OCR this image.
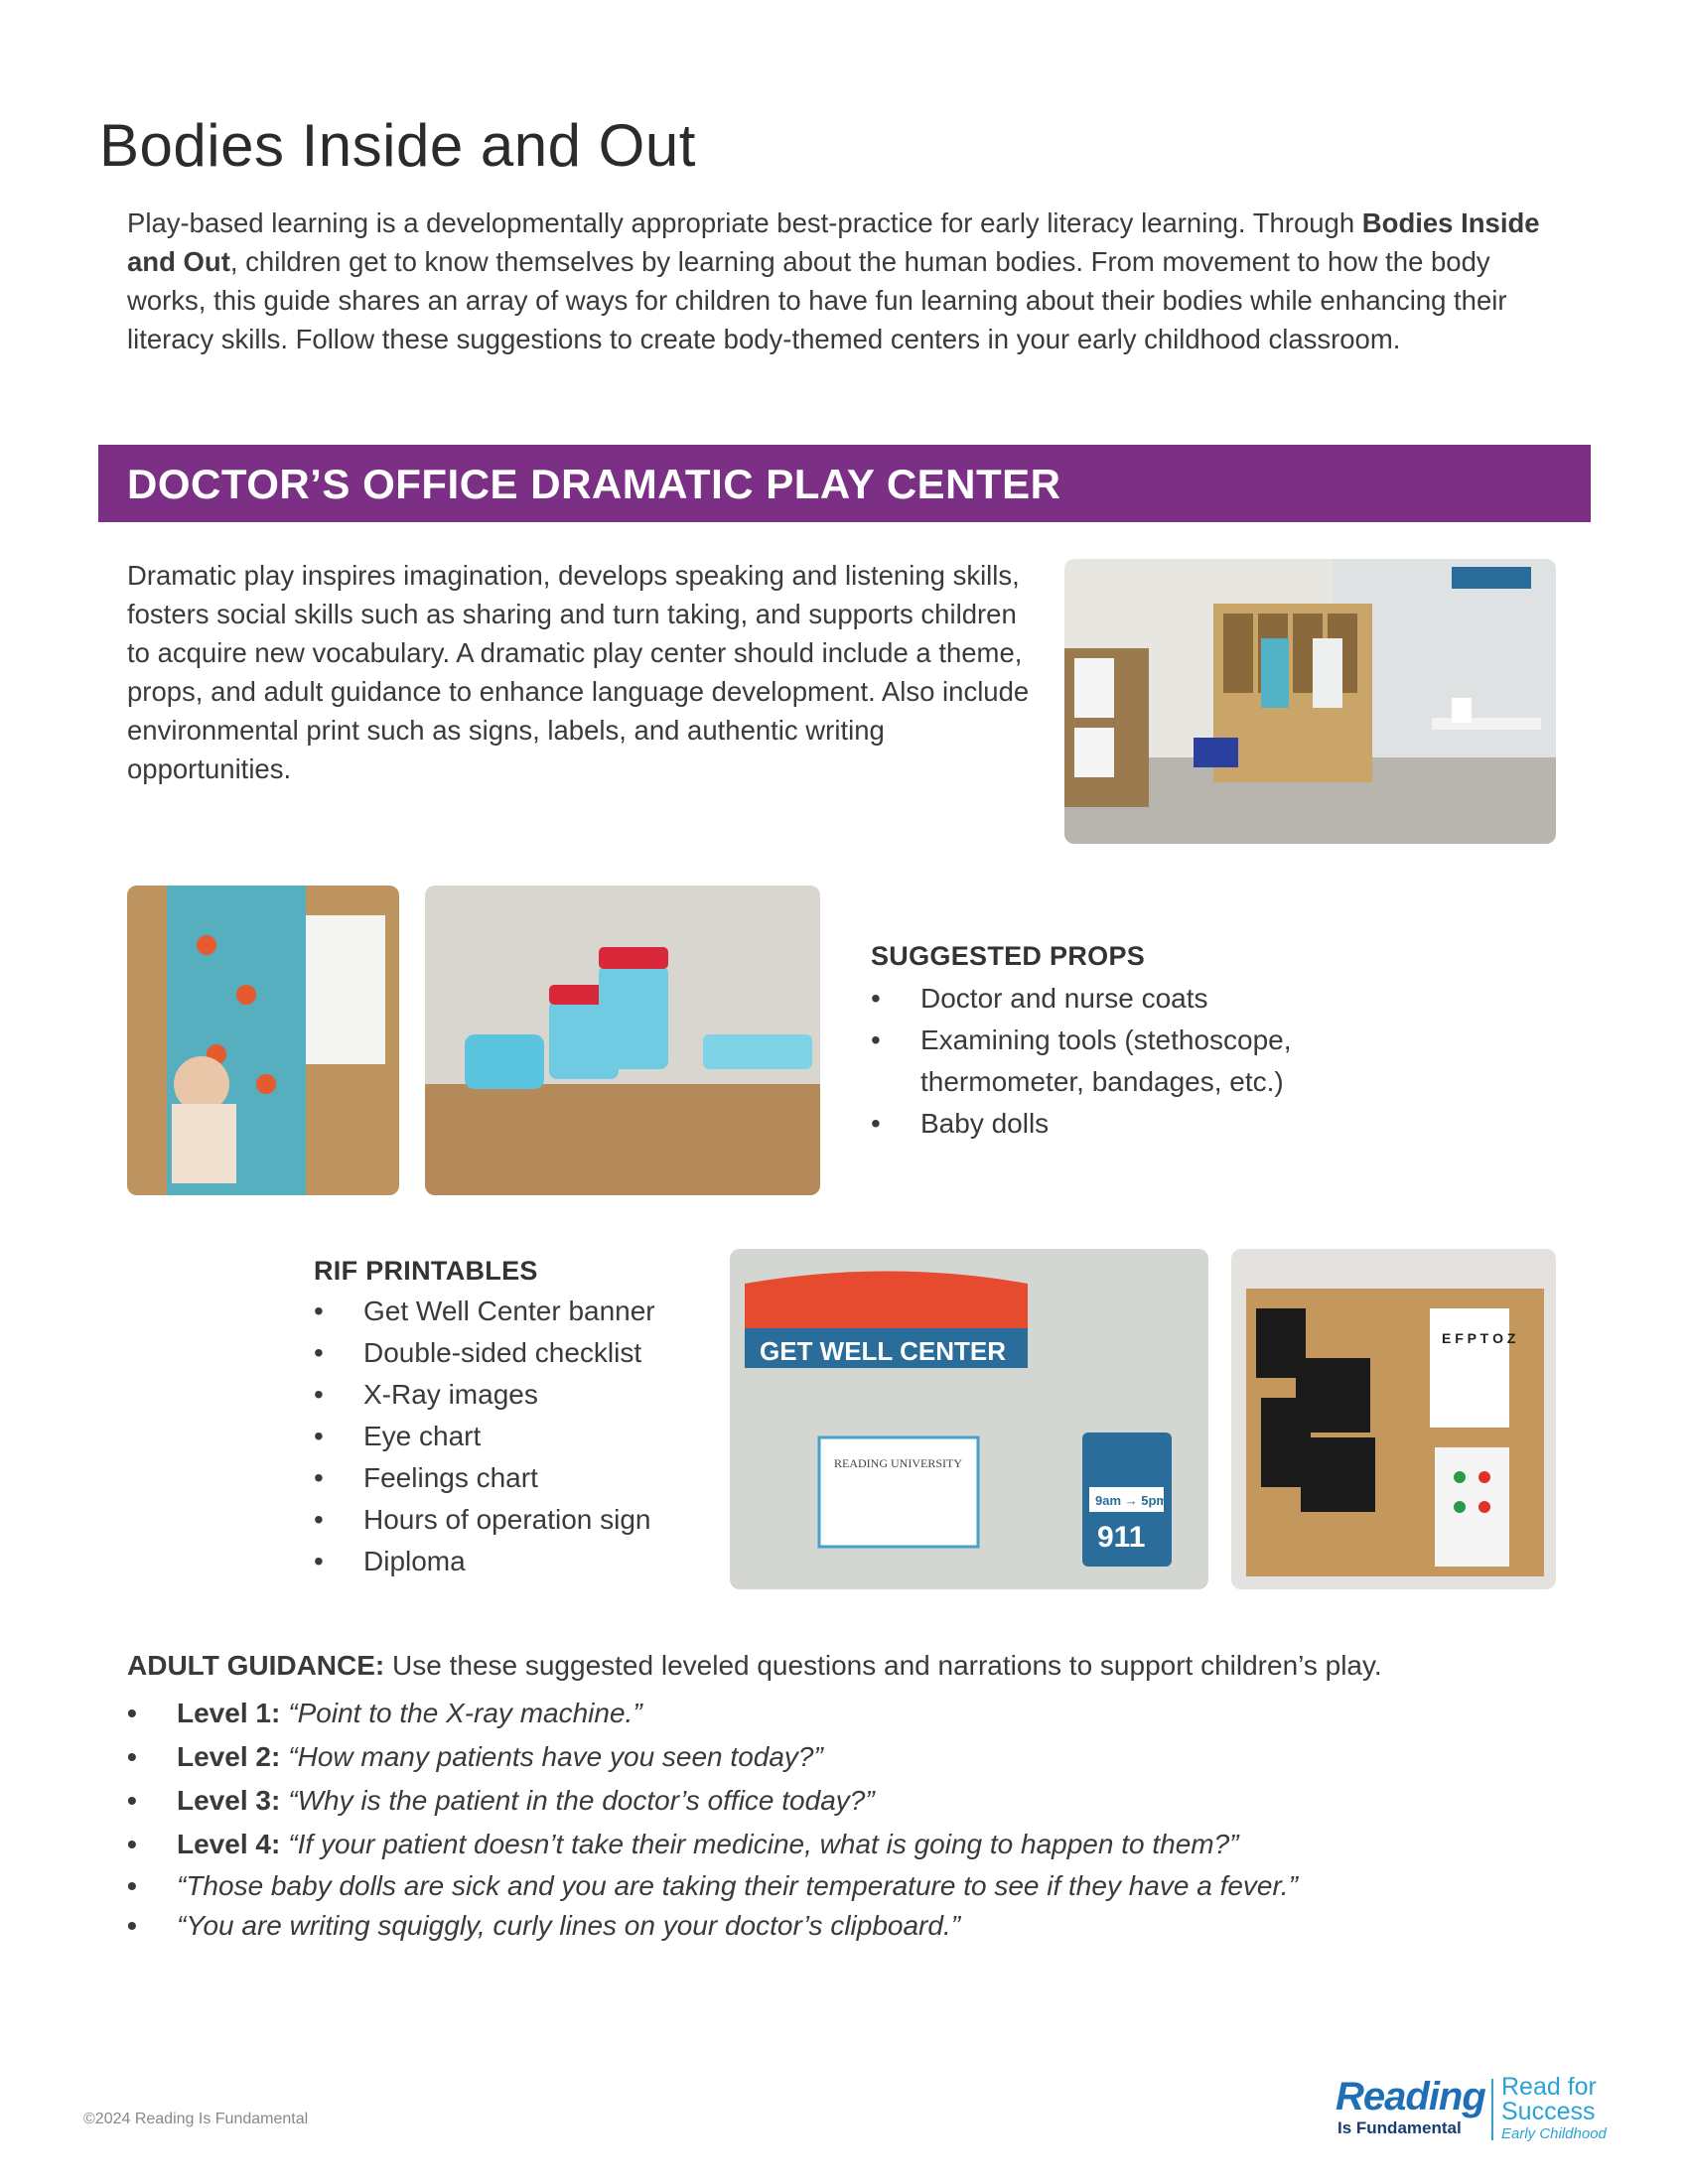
Bodies Inside and Out
Play-based learning is a developmentally appropriate best-practice for early literacy learning. Through Bodies Inside and Out, children get to know themselves by learning about the human bodies. From movement to how the body works, this guide shares an array of ways for children to have fun learning about their bodies while enhancing their literacy skills. Follow these suggestions to create body-themed centers in your early childhood classroom.
DOCTOR’S OFFICE DRAMATIC PLAY CENTER
Dramatic play inspires imagination, develops speaking and listening skills, fosters social skills such as sharing and turn taking, and supports children to acquire new vocabulary. A dramatic play center should include a theme, props, and adult guidance to enhance language development. Also include environmental print such as signs, labels, and authentic writing opportunities.
SUGGESTED PROPS
• Doctor and nurse coats
• Examining tools (stethoscope, thermometer, bandages, etc.)
• Baby dolls
RIF PRINTABLES
• Get Well Center banner
• Double-sided checklist
• X-Ray images
• Eye chart
• Feelings chart
• Hours of operation sign
• Diploma
GET WELL CENTER
READING UNIVERSITY
9am → 5pm
911
E F P T O Z
ADULT GUIDANCE: Use these suggested leveled questions and narrations to support children’s play.
• Level 1: “Point to the X-ray machine.”
• Level 2: “How many patients have you seen today?”
• Level 3: “Why is the patient in the doctor’s office today?”
• Level 4: “If your patient doesn’t take their medicine, what is going to happen to them?”
• “Those baby dolls are sick and you are taking their temperature to see if they have a fever.”
• “You are writing squiggly, curly lines on your doctor’s clipboard.”
©2024 Reading Is Fundamental
Reading
Is Fundamental
Read for
Success
Early Childhood
